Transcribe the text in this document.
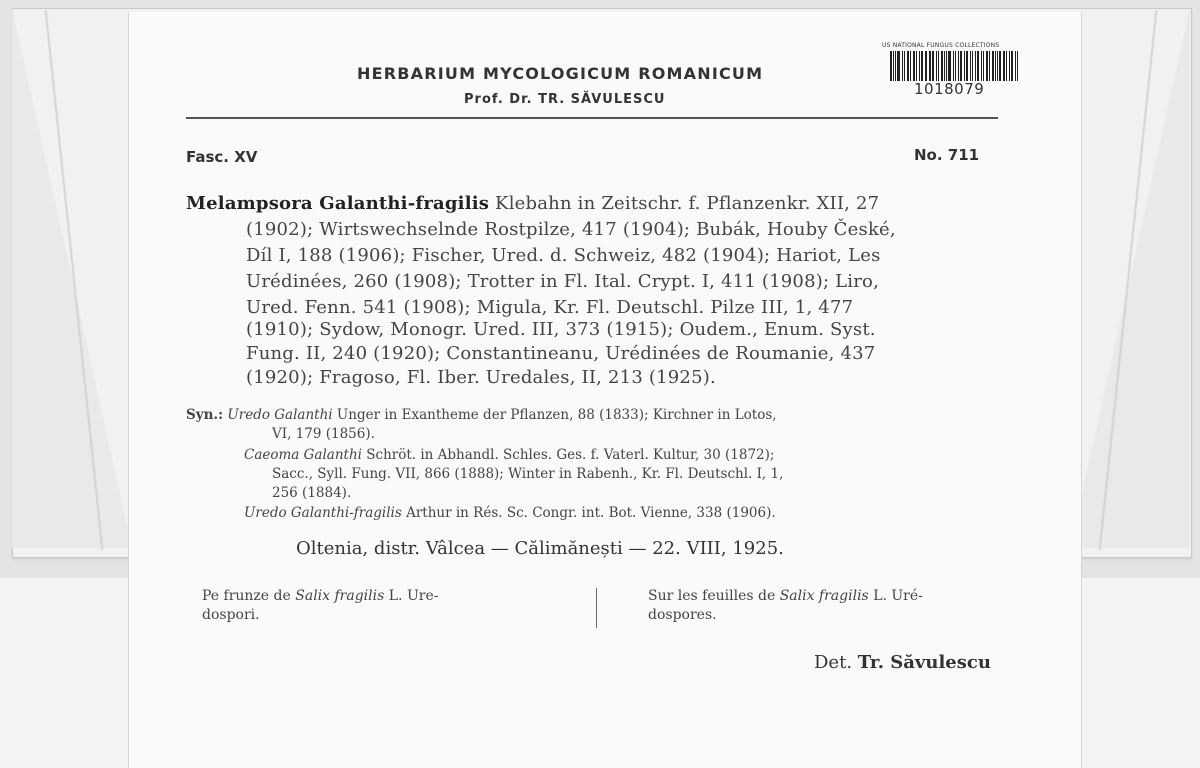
HERBARIUM MYCOLOGICUM ROMANICUM
Prof. Dr. TR. SĂVULESCU
US NATIONAL FUNGUS COLLECTIONS
1018079
Fasc. XV	No. 711
Melampsora Galanthi-fragilis Klebahn in Zeitschr. f. Pflanzenkr. XII, 27
(1902); Wirtswechselnde Rostpilze, 417 (1904); Bubák, Houby České,
Díl I, 188 (1906); Fischer, Ured. d. Schweiz, 482 (1904); Hariot, Les
Urédinées, 260 (1908); Trotter in Fl. Ital. Crypt. I, 411 (1908); Liro,
Ured. Fenn. 541 (1908); Migula, Kr. Fl. Deutschl. Pilze III, 1, 477
(1910); Sydow, Monogr. Ured. III, 373 (1915); Oudem., Enum. Syst.
Fung. II, 240 (1920); Constantineanu, Urédinées de Roumanie, 437
(1920); Fragoso, Fl. Iber. Uredales, II, 213 (1925).
Syn.: Uredo Galanthi Unger in Exantheme der Pflanzen, 88 (1833); Kirchner in Lotos,
VI, 179 (1856).
Caeoma Galanthi Schröt. in Abhandl. Schles. Ges. f. Vaterl. Kultur, 30 (1872);
Sacc., Syll. Fung. VII, 866 (1888); Winter in Rabenh., Kr. Fl. Deutschl. I, 1,
256 (1884).
Uredo Galanthi-fragilis Arthur in Rés. Sc. Congr. int. Bot. Vienne, 338 (1906).
Oltenia, distr. Vâlcea — Călimănești — 22. VIII, 1925.
Pe frunze de Salix fragilis L. Ure-
dospori.
Sur les feuilles de Salix fragilis L. Uré-
dospores.
Det. Tr. Săvulescu
